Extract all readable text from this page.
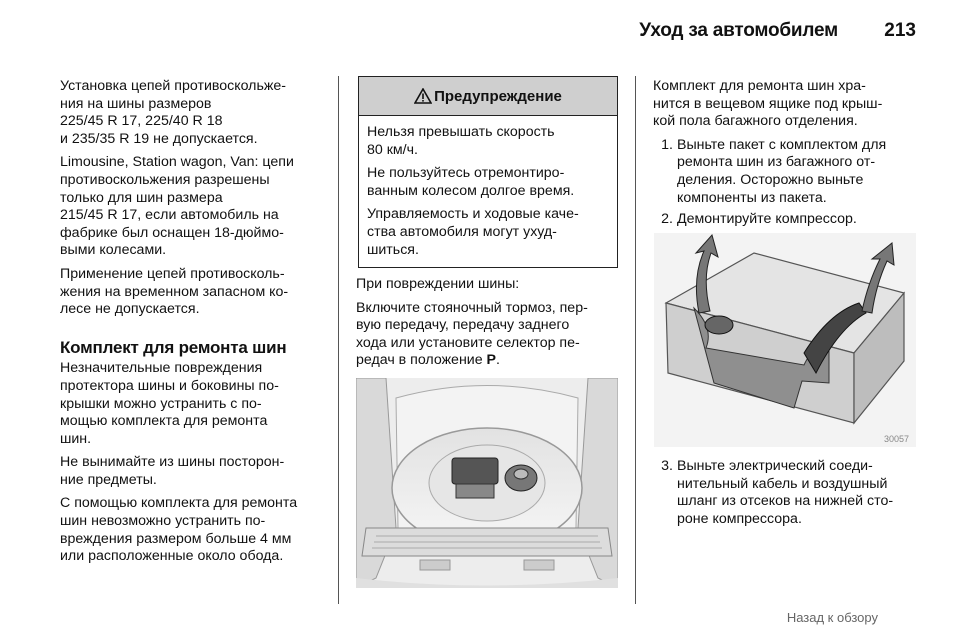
Уход за автомобилем 213

Установка цепей противоскольже-
ния на шины размеров
225/45 R 17, 225/40 R 18
и 235/35 R 19 не допускается.

Limousine, Station wagon, Van: цепи
противоскольжения разрешены
только для шин размера
215/45 R 17, если автомобиль на
фабрике был оснащен 18-дюймо-
выми колесами.

Применение цепей противосколь-
жения на временном запасном ко-
лесе не допускается.

Комплект для ремонта шин

Незначительные повреждения
протектора шины и боковины по-
крышки можно устранить с по-
мощью комплекта для ремонта
шин.

Не вынимайте из шины посторон-
ние предметы.

С помощью комплекта для ремонта
шин невозможно устранить по-
вреждения размером больше 4 мм
или расположенные около обода.

Предупреждение

Нельзя превышать скорость
80 км/ч.

Не пользуйтесь отремонтиро-
ванным колесом долгое время.

Управляемость и ходовые каче-
ства автомобиля могут ухуд-
шиться.

При повреждении шины:

Включите стояночный тормоз, пер-
вую передачу, передачу заднего
хода или установите селектор пе-
редач в положение P.

Комплект для ремонта шин хра-
нится в вещевом ящике под крыш-
кой пола багажного отделения.

1. Выньте пакет с комплектом для
ремонта шин из багажного от-
деления. Осторожно выньте
компоненты из пакета.
2. Демонтируйте компрессор.
30057
3. Выньте электрический соеди-
нительный кабель и воздушный
шланг из отсеков на нижней сто-
роне компрессора.
Назад к обзору
